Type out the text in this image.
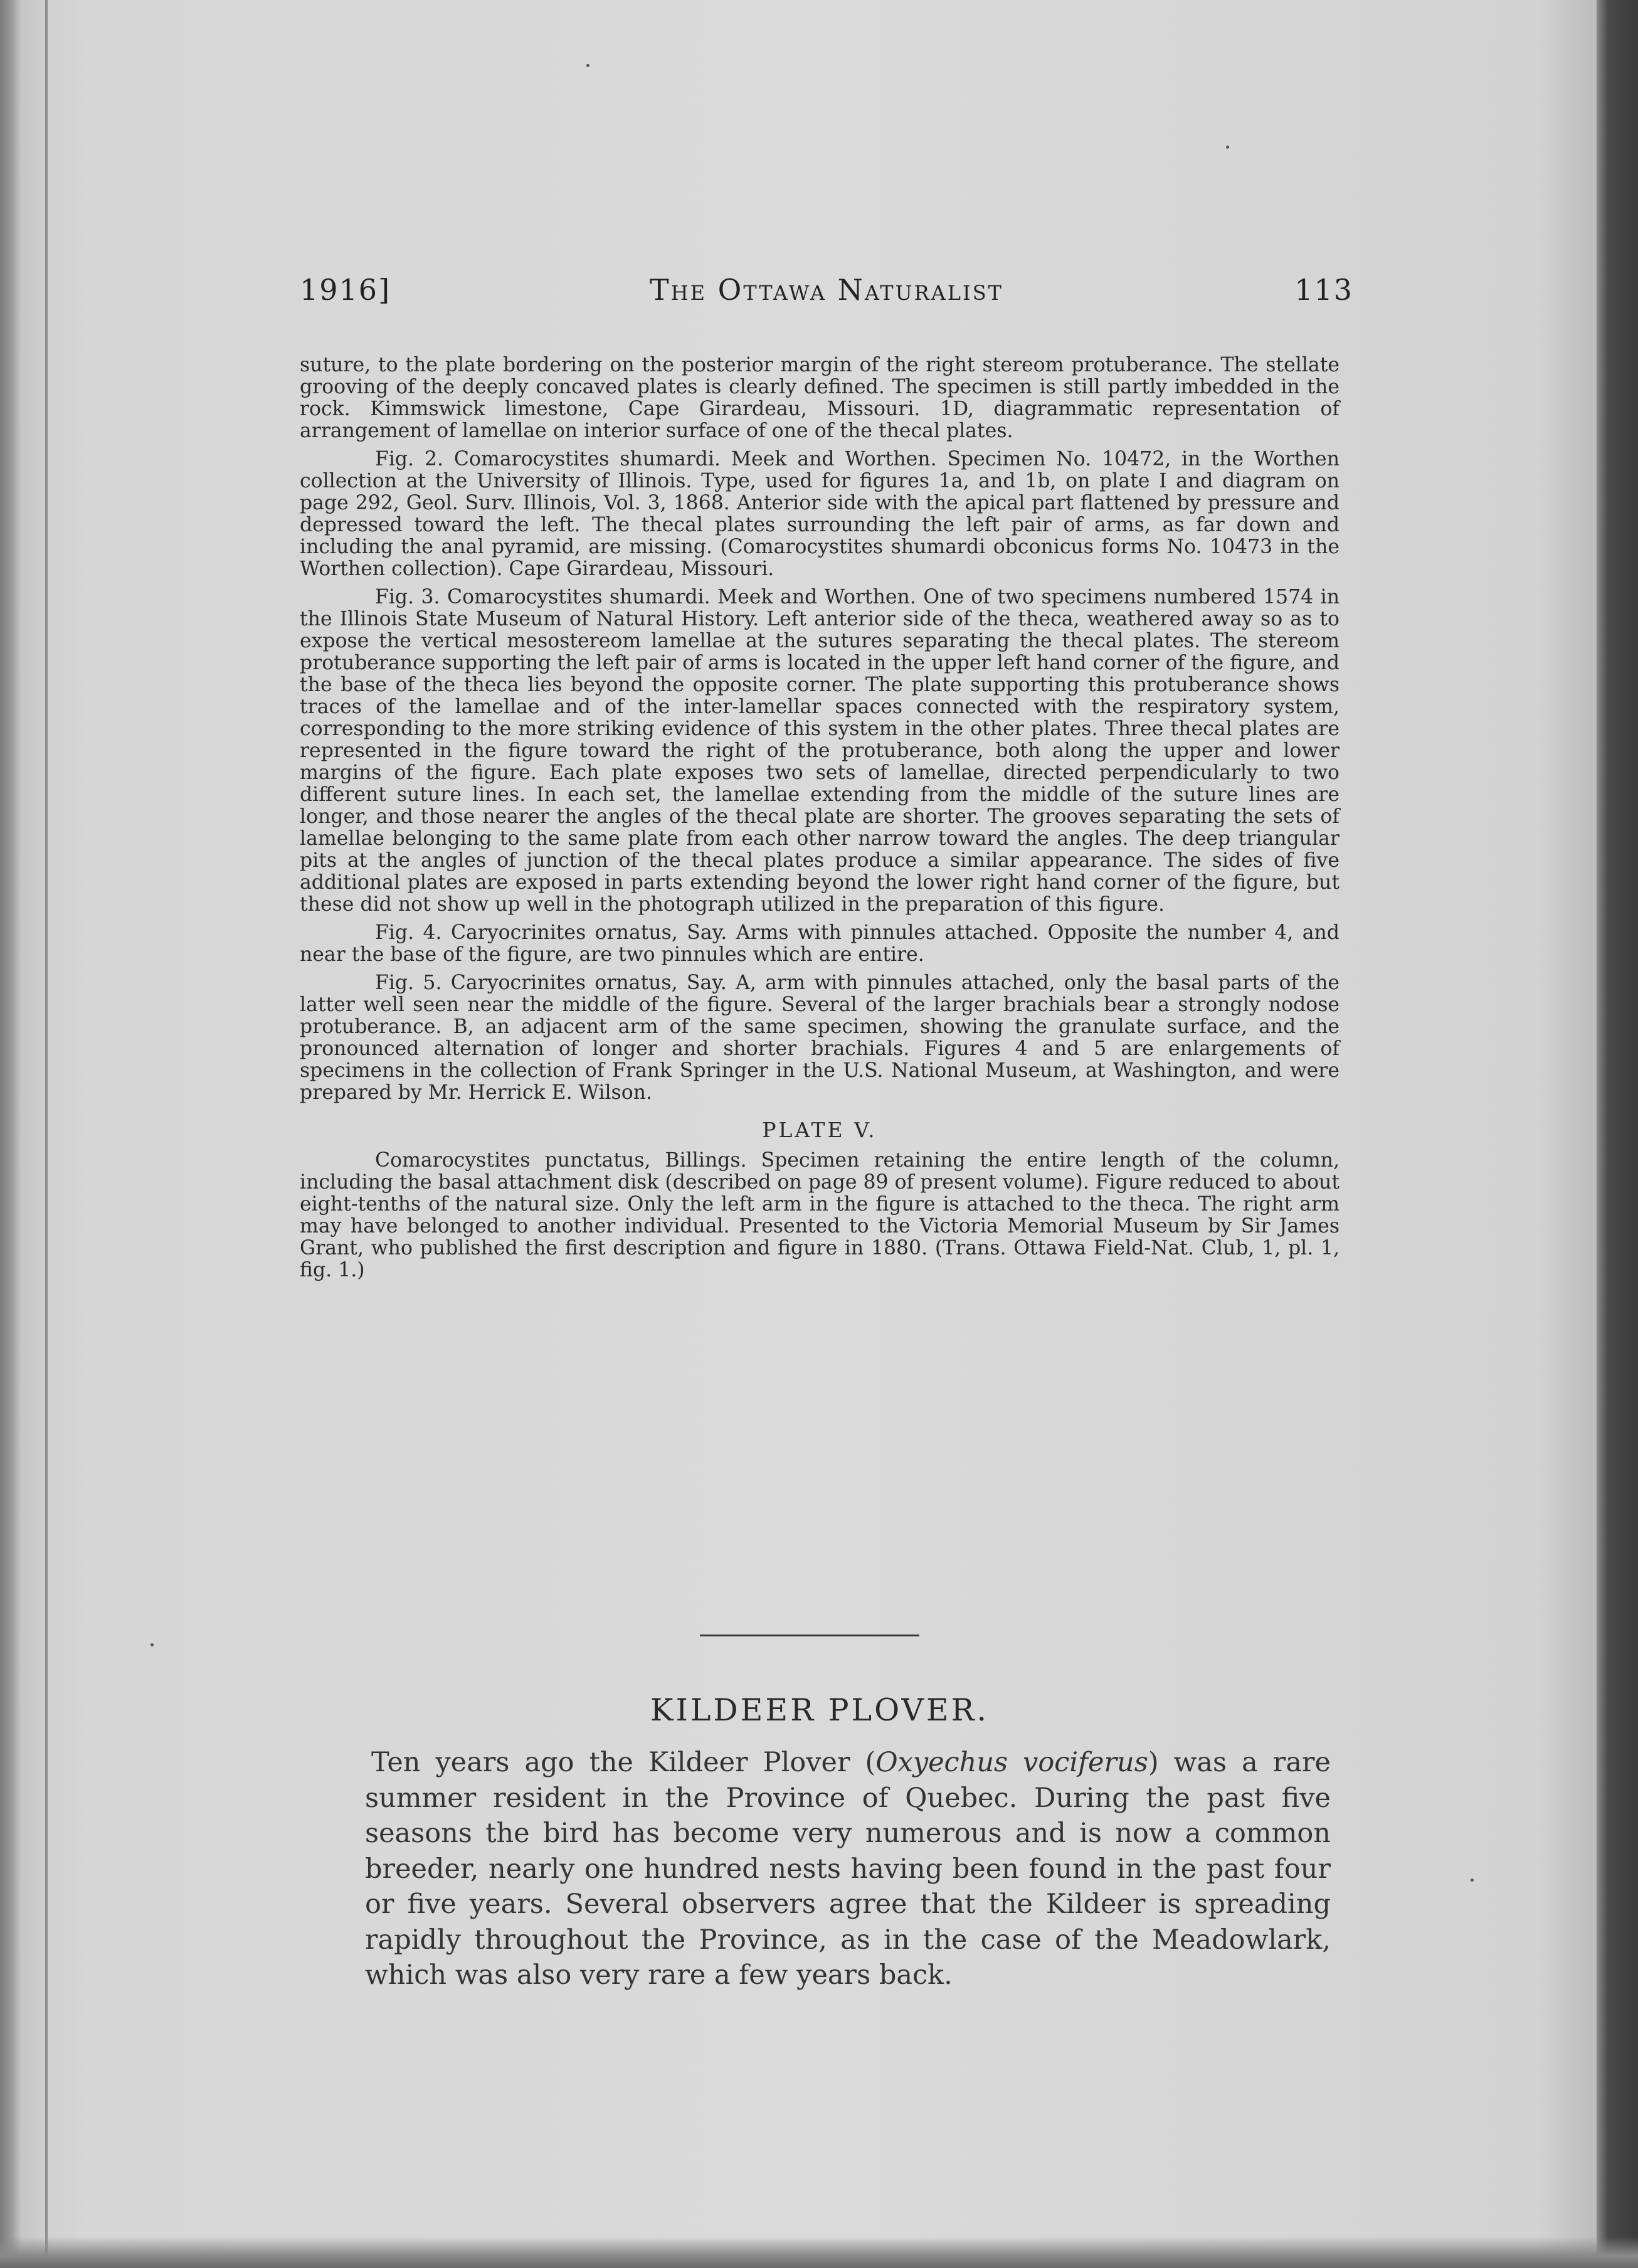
1916]	The Ottawa Naturalist	113

suture, to the plate bordering on the posterior margin of the right stereom protuberance. The stellate grooving of the deeply concaved plates is clearly defined. The specimen is still partly imbedded in the rock. Kimmswick limestone, Cape Girardeau, Missouri. 1D, diagrammatic representation of arrangement of lamellae on interior surface of one of the thecal plates.

Fig. 2. Comarocystites shumardi. Meek and Worthen. Specimen No. 10472, in the Worthen collection at the University of Illinois. Type, used for figures 1a, and 1b, on plate I and diagram on page 292, Geol. Surv. Illinois, Vol. 3, 1868. Anterior side with the apical part flattened by pressure and depressed toward the left. The thecal plates surrounding the left pair of arms, as far down and including the anal pyramid, are missing. (Comarocystites shumardi obconicus forms No. 10473 in the Worthen collection). Cape Girardeau, Missouri.

Fig. 3. Comarocystites shumardi. Meek and Worthen. One of two specimens numbered 1574 in the Illinois State Museum of Natural History. Left anterior side of the theca, weathered away so as to expose the vertical mesostereom lamellae at the sutures separating the thecal plates. The stereom protuberance supporting the left pair of arms is located in the upper left hand corner of the figure, and the base of the theca lies beyond the opposite corner. The plate supporting this protuberance shows traces of the lamellae and of the inter-lamellar spaces connected with the respiratory system, corresponding to the more striking evidence of this system in the other plates. Three thecal plates are represented in the figure toward the right of the protuberance, both along the upper and lower margins of the figure. Each plate exposes two sets of lamellae, directed perpendicularly to two different suture lines. In each set, the lamellae extending from the middle of the suture lines are longer, and those nearer the angles of the thecal plate are shorter. The grooves separating the sets of lamellae belonging to the same plate from each other narrow toward the angles. The deep triangular pits at the angles of junction of the thecal plates produce a similar appearance. The sides of five additional plates are exposed in parts extending beyond the lower right hand corner of the figure, but these did not show up well in the photograph utilized in the preparation of this figure.

Fig. 4. Caryocrinites ornatus, Say. Arms with pinnules attached. Opposite the number 4, and near the base of the figure, are two pinnules which are entire.

Fig. 5. Caryocrinites ornatus, Say. A, arm with pinnules attached, only the basal parts of the latter well seen near the middle of the figure. Several of the larger brachials bear a strongly nodose protuberance. B, an adjacent arm of the same specimen, showing the granulate surface, and the pronounced alternation of longer and shorter brachials. Figures 4 and 5 are enlargements of specimens in the collection of Frank Springer in the U.S. National Museum, at Washington, and were prepared by Mr. Herrick E. Wilson.

PLATE V.

Comarocystites punctatus, Billings. Specimen retaining the entire length of the column, including the basal attachment disk (described on page 89 of present volume). Figure reduced to about eight-tenths of the natural size. Only the left arm in the figure is attached to the theca. The right arm may have belonged to another individual. Presented to the Victoria Memorial Museum by Sir James Grant, who published the first description and figure in 1880. (Trans. Ottawa Field-Nat. Club, 1, pl. 1, fig. 1.)

KILDEER PLOVER.

Ten years ago the Kildeer Plover (Oxyechus vociferus) was a rare summer resident in the Province of Quebec. During the past five seasons the bird has become very numerous and is now a common breeder, nearly one hundred nests having been found in the past four or five years. Several observers agree that the Kildeer is spreading rapidly throughout the Province, as in the case of the Meadowlark, which was also very rare a few years back.
